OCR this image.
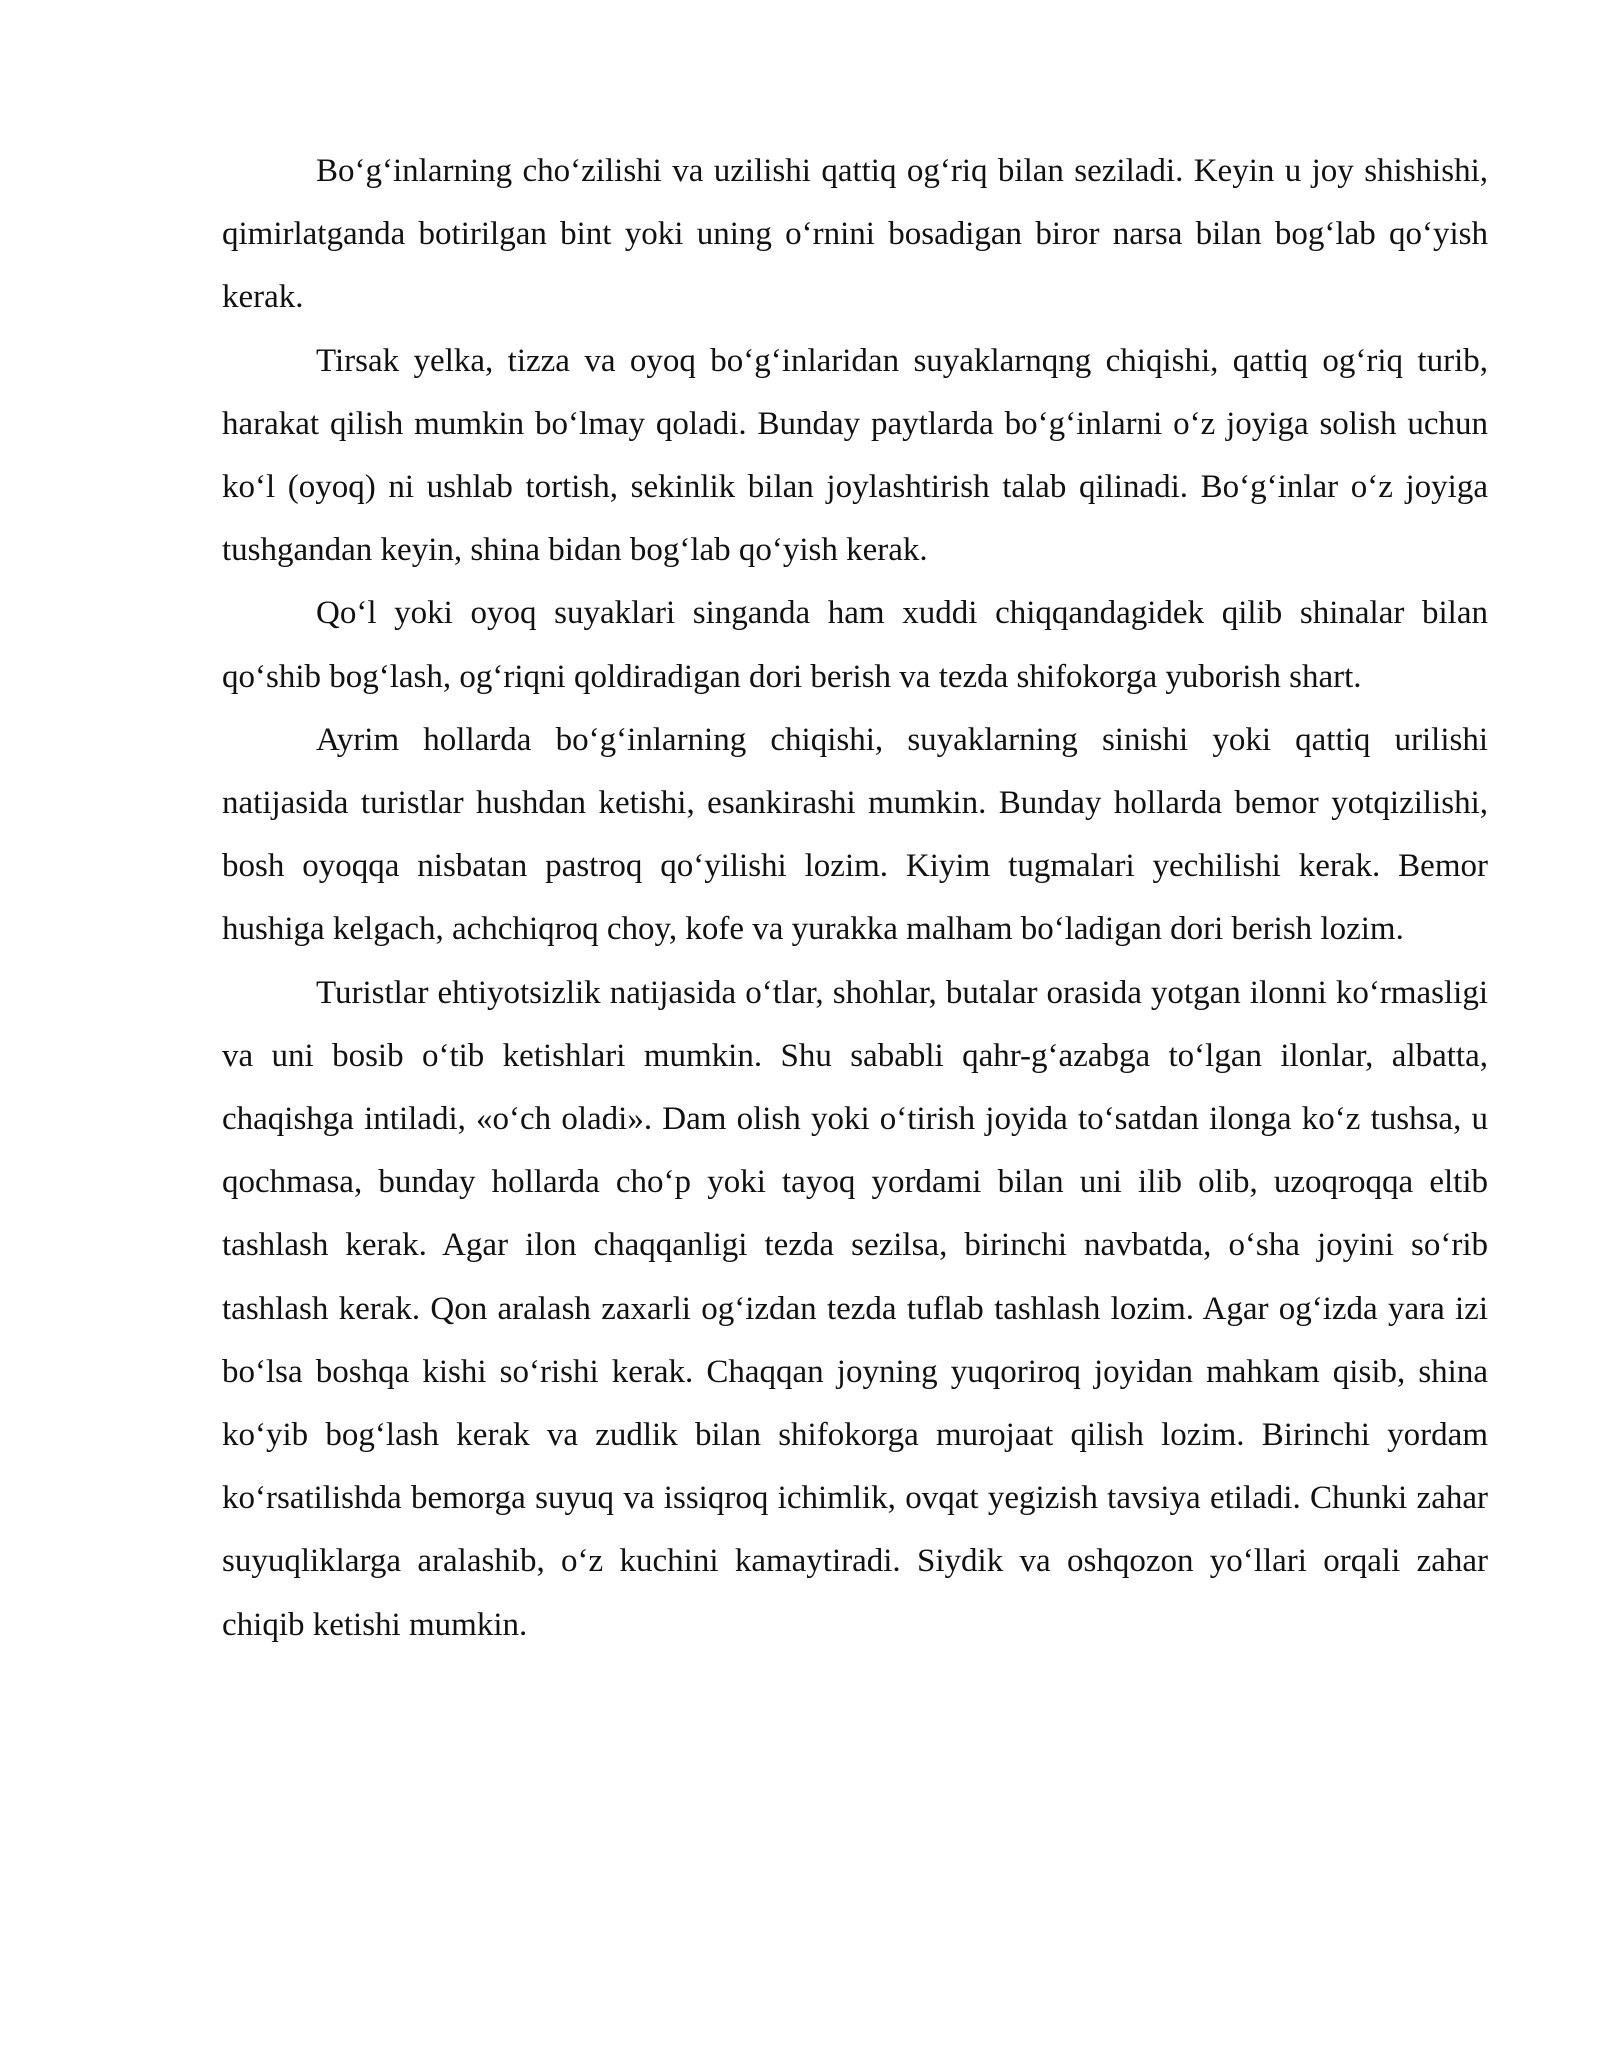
Bo‘g‘inlarning cho‘zilishi va uzilishi qattiq og‘riq bilan seziladi. Keyin u joy shishishi, qimirlatganda botirilgan bint yoki uning o‘rnini bosadigan biror narsa bilan bog‘lab qo‘yish kerak.

Tirsak yelka, tizza va oyoq bo‘g‘inlaridan suyaklarnqng chiqishi, qattiq og‘riq turib, harakat qilish mumkin bo‘lmay qoladi. Bunday paytlarda bo‘g‘inlarni o‘z joyiga solish uchun ko‘l (oyoq) ni ushlab tortish, sekinlik bilan joylashtirish talab qilinadi. Bo‘g‘inlar o‘z joyiga tushgandan keyin, shina bidan bog‘lab qo‘yish kerak.

Qo‘l yoki oyoq suyaklari singanda ham xuddi chiqqandagidek qilib shinalar bilan qo‘shib bog‘lash, og‘riqni qoldiradigan dori berish va tezda shifokorga yuborish shart.

Ayrim hollarda bo‘g‘inlarning chiqishi, suyaklarning sinishi yoki qattiq urilishi natijasida turistlar hushdan ketishi, esankirashi mumkin. Bunday hollarda bemor yotqizilishi, bosh oyoqqa nisbatan pastroq qo‘yilishi lozim. Kiyim tugmalari yechilishi kerak. Bemor hushiga kelgach, achchiqroq choy, kofe va yurakka malham bo‘ladigan dori berish lozim.

Turistlar ehtiyotsizlik natijasida o‘tlar, shohlar, butalar orasida yotgan ilonni ko‘rmasligi va uni bosib o‘tib ketishlari mumkin. Shu sababli qahr-g‘azabga to‘lgan ilonlar, albatta, chaqishga intiladi, «o‘ch oladi». Dam olish yoki o‘tirish joyida to‘satdan ilonga ko‘z tushsa, u qochmasa, bunday hollarda cho‘p yoki tayoq yordami bilan uni ilib olib, uzoqroqqa eltib tashlash kerak. Agar ilon chaqqanligi tezda sezilsa, birinchi navbatda, o‘sha joyini so‘rib tashlash kerak. Qon aralash zaxarli og‘izdan tezda tuflab tashlash lozim. Agar og‘izda yara izi bo‘lsa boshqa kishi so‘rishi kerak. Chaqqan joyning yuqoriroq joyidan mahkam qisib, shina ko‘yib bog‘lash kerak va zudlik bilan shifokorga murojaat qilish lozim. Birinchi yordam ko‘rsatilishda bemorga suyuq va issiqroq ichimlik, ovqat yegizish tavsiya etiladi. Chunki zahar suyuqliklarga aralashib, o‘z kuchini kamaytiradi. Siydik va oshqozon yo‘llari orqali zahar chiqib ketishi mumkin.
